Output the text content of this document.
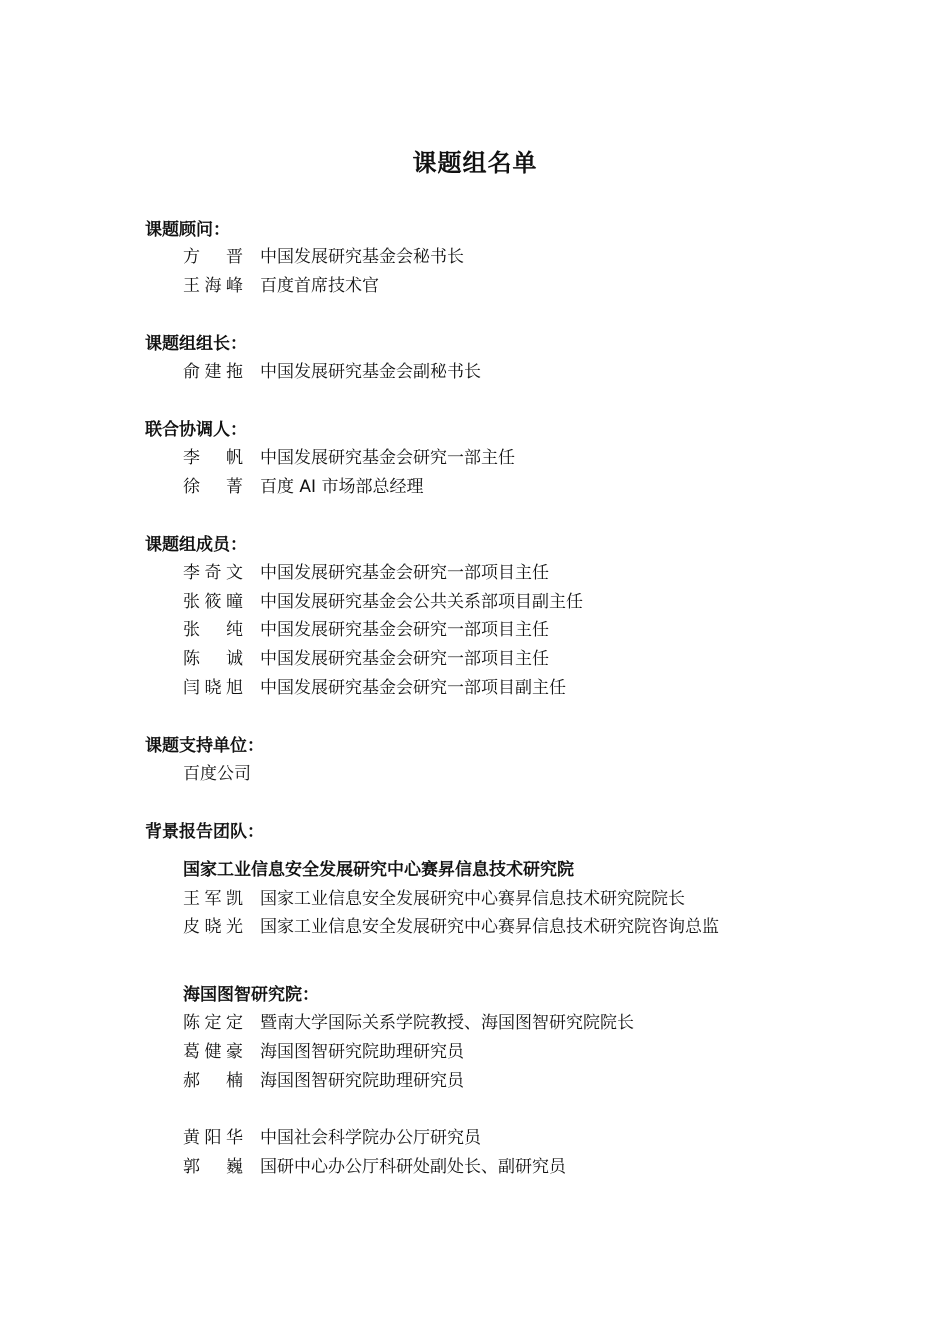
课题组名单
课题顾问：
方晋 中国发展研究基金会秘书长
王海峰 百度首席技术官
课题组组长：
俞建拖 中国发展研究基金会副秘书长
联合协调人：
李帆 中国发展研究基金会研究一部主任
徐菁 百度 AI 市场部总经理
课题组成员：
李奇文 中国发展研究基金会研究一部项目主任
张筱曈 中国发展研究基金会公共关系部项目副主任
张纯 中国发展研究基金会研究一部项目主任
陈诚 中国发展研究基金会研究一部项目主任
闫晓旭 中国发展研究基金会研究一部项目副主任
课题支持单位：
百度公司
背景报告团队：
国家工业信息安全发展研究中心赛昇信息技术研究院
王军凯 国家工业信息安全发展研究中心赛昇信息技术研究院院长
皮晓光 国家工业信息安全发展研究中心赛昇信息技术研究院咨询总监
海国图智研究院：
陈定定 暨南大学国际关系学院教授、海国图智研究院院长
葛健豪 海国图智研究院助理研究员
郝楠 海国图智研究院助理研究员
黄阳华 中国社会科学院办公厅研究员
郭巍 国研中心办公厅科研处副处长、副研究员
